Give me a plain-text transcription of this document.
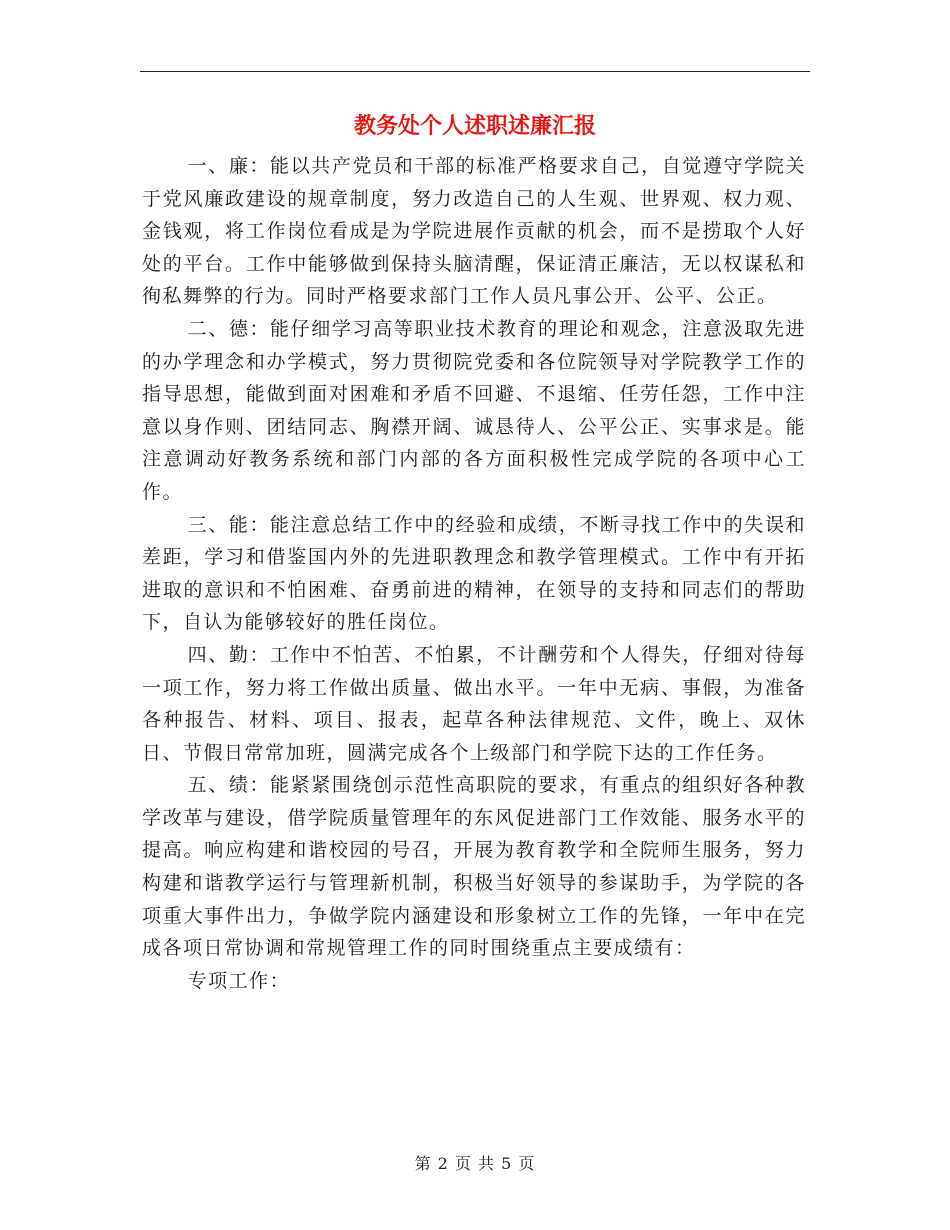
教务处个人述职述廉汇报

一、廉：能以共产党员和干部的标准严格要求自己，自觉遵守学院关于党风廉政建设的规章制度，努力改造自己的人生观、世界观、权力观、金钱观，将工作岗位看成是为学院进展作贡献的机会，而不是捞取个人好处的平台。工作中能够做到保持头脑清醒，保证清正廉洁，无以权谋私和徇私舞弊的行为。同时严格要求部门工作人员凡事公开、公平、公正。

二、德：能仔细学习高等职业技术教育的理论和观念，注意汲取先进的办学理念和办学模式，努力贯彻院党委和各位院领导对学院教学工作的指导思想，能做到面对困难和矛盾不回避、不退缩、任劳任怨，工作中注意以身作则、团结同志、胸襟开阔、诚恳待人、公平公正、实事求是。能注意调动好教务系统和部门内部的各方面积极性完成学院的各项中心工作。

三、能：能注意总结工作中的经验和成绩，不断寻找工作中的失误和差距，学习和借鉴国内外的先进职教理念和教学管理模式。工作中有开拓进取的意识和不怕困难、奋勇前进的精神，在领导的支持和同志们的帮助下，自认为能够较好的胜任岗位。

四、勤：工作中不怕苦、不怕累，不计酬劳和个人得失，仔细对待每一项工作，努力将工作做出质量、做出水平。一年中无病、事假，为准备各种报告、材料、项目、报表，起草各种法律规范、文件，晚上、双休日、节假日常常加班，圆满完成各个上级部门和学院下达的工作任务。

五、绩：能紧紧围绕创示范性高职院的要求，有重点的组织好各种教学改革与建设，借学院质量管理年的东风促进部门工作效能、服务水平的提高。响应构建和谐校园的号召，开展为教育教学和全院师生服务，努力构建和谐教学运行与管理新机制，积极当好领导的参谋助手，为学院的各项重大事件出力，争做学院内涵建设和形象树立工作的先锋，一年中在完成各项日常协调和常规管理工作的同时围绕重点主要成绩有：

专项工作：

第 2 页 共 5 页
